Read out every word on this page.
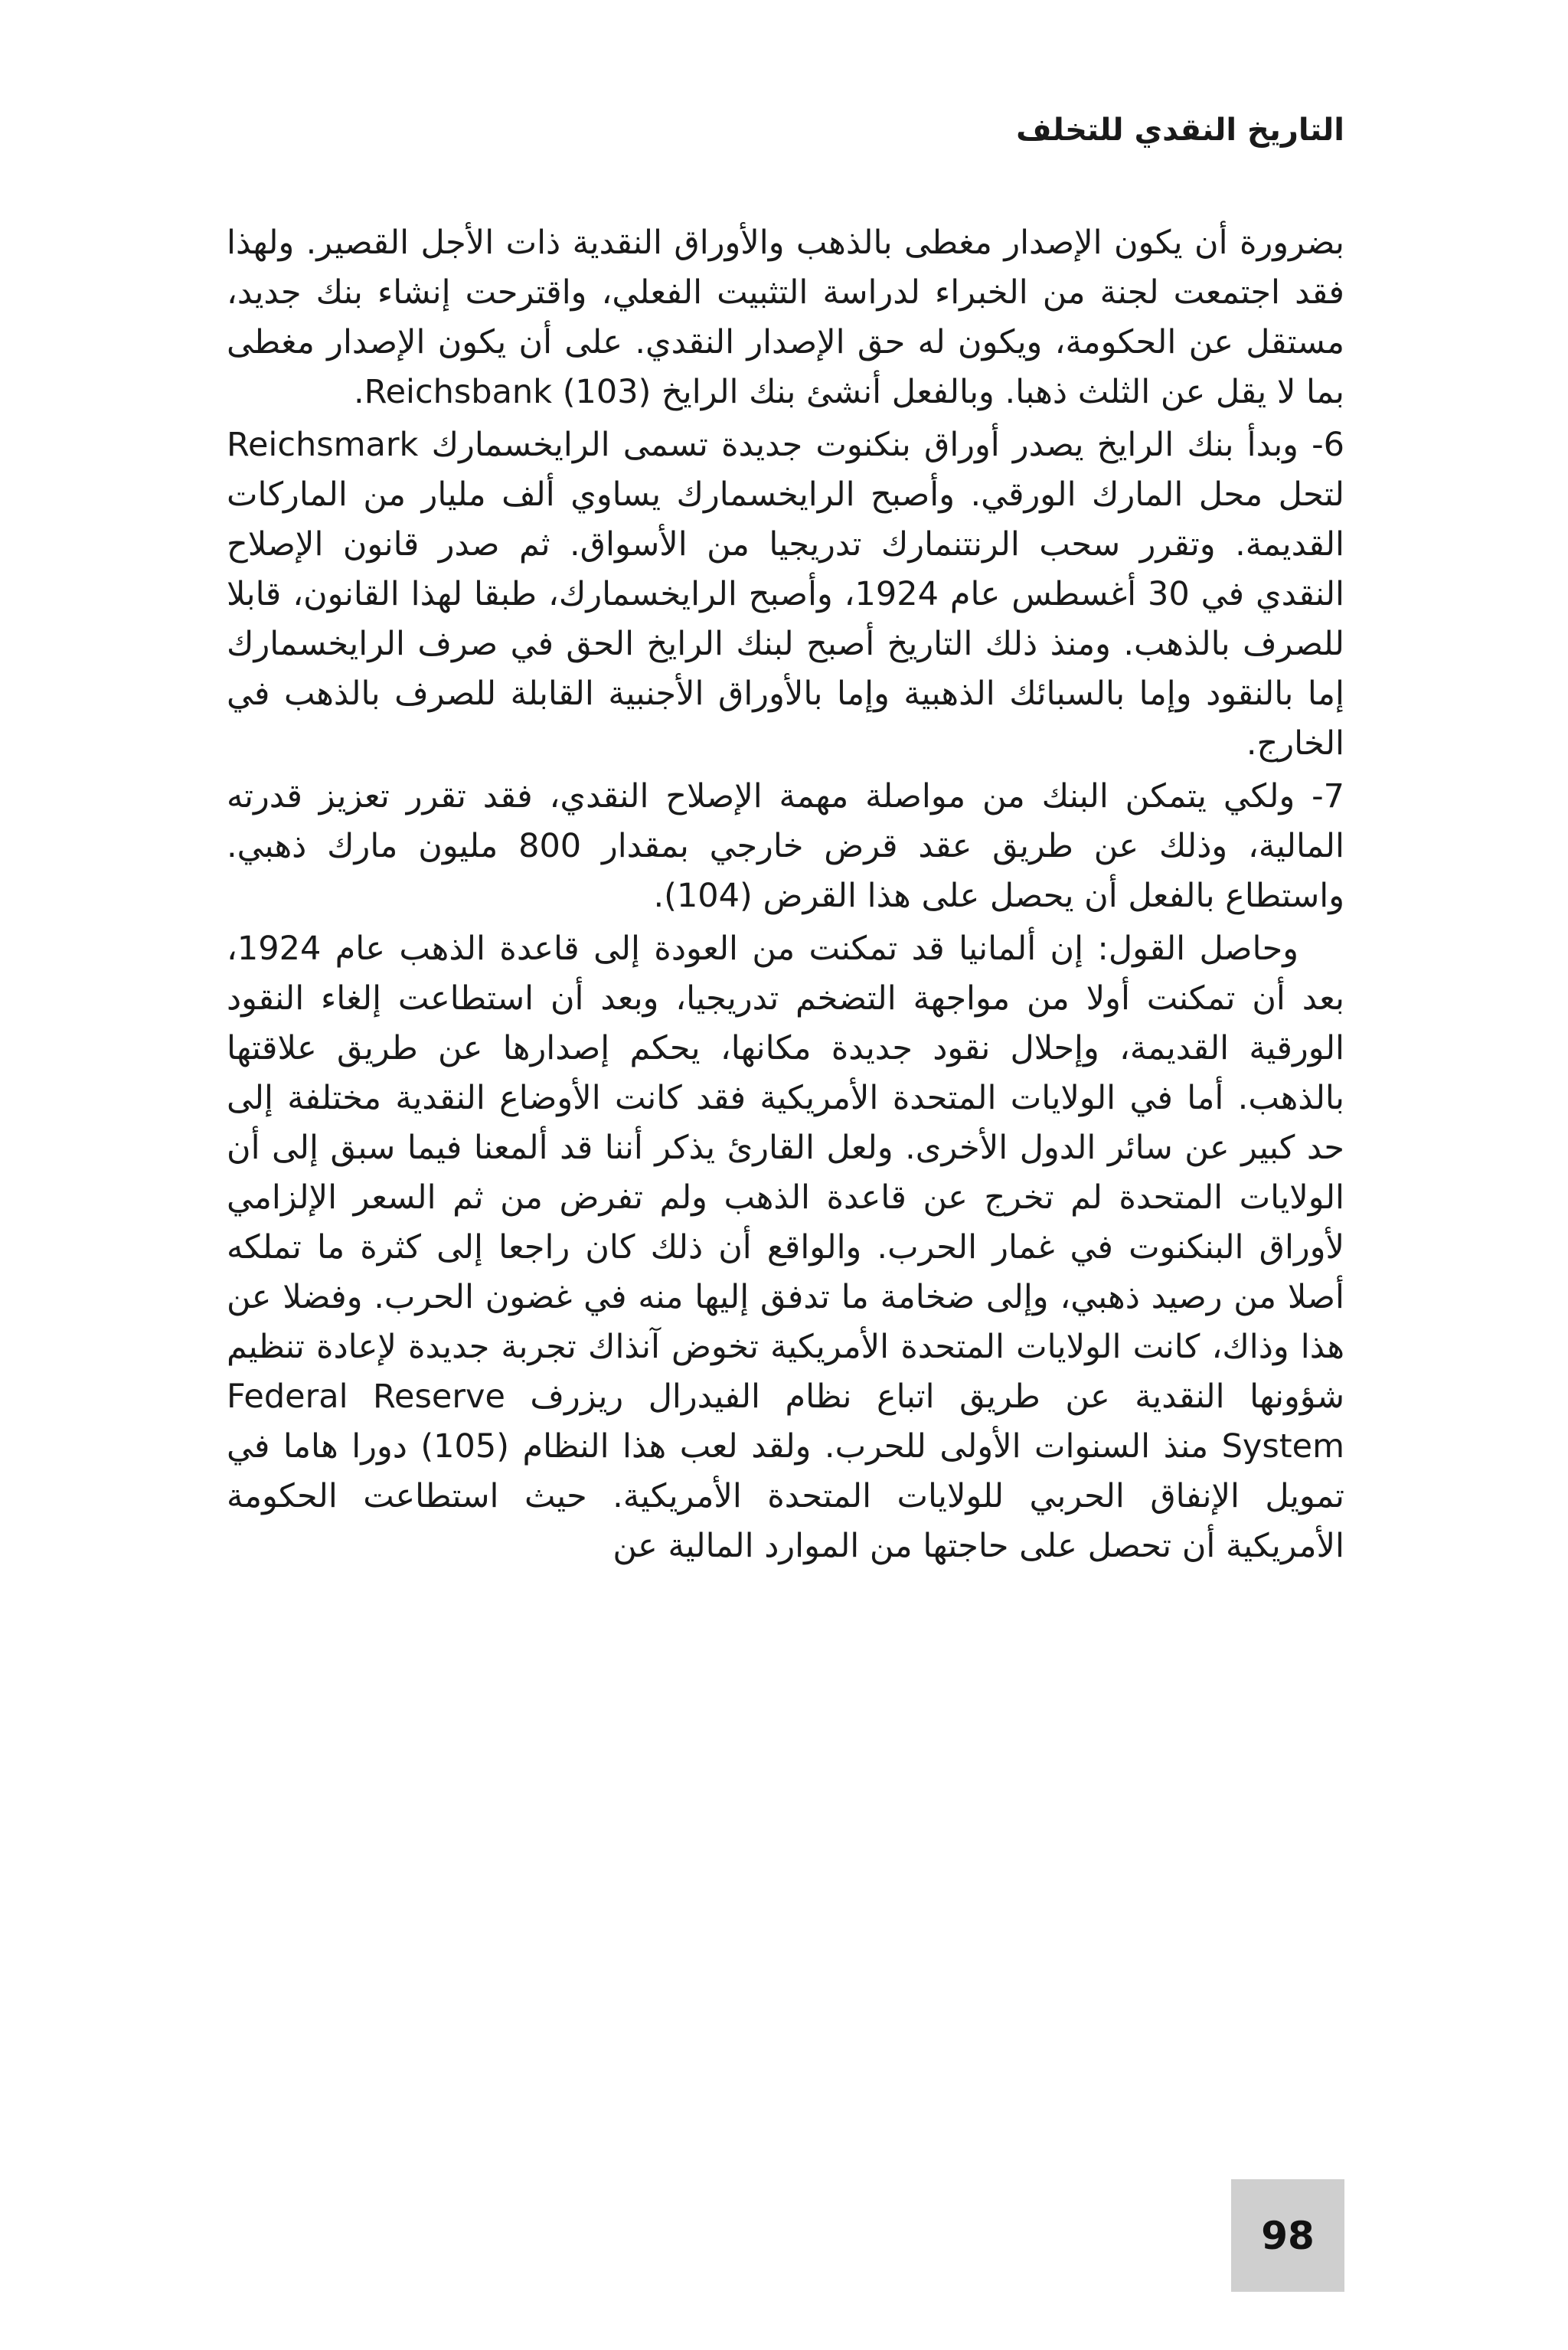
التاريخ النقدي للتخلف

بضرورة أن يكون الإصدار مغطى بالذهب والأوراق النقدية ذات الأجل القصير. ولهذا فقد اجتمعت لجنة من الخبراء لدراسة التثبيت الفعلي، واقترحت إنشاء بنك جديد، مستقل عن الحكومة، ويكون له حق الإصدار النقدي. على أن يكون الإصدار مغطى بما لا يقل عن الثلث ذهبا. وبالفعل أنشئ بنك الرايخ (103) Reichsbank.

6- وبدأ بنك الرايخ يصدر أوراق بنكنوت جديدة تسمى الرايخسمارك Reichsmark لتحل محل المارك الورقي. وأصبح الرايخسمارك يساوي ألف مليار من الماركات القديمة. وتقرر سحب الرنتنمارك تدريجيا من الأسواق. ثم صدر قانون الإصلاح النقدي في 30 أغسطس عام 1924، وأصبح الرايخسمارك، طبقا لهذا القانون، قابلا للصرف بالذهب. ومنذ ذلك التاريخ أصبح لبنك الرايخ الحق في صرف الرايخسمارك إما بالنقود وإما بالسبائك الذهبية وإما بالأوراق الأجنبية القابلة للصرف بالذهب في الخارج.

7- ولكي يتمكن البنك من مواصلة مهمة الإصلاح النقدي، فقد تقرر تعزيز قدرته المالية، وذلك عن طريق عقد قرض خارجي بمقدار 800 مليون مارك ذهبي. واستطاع بالفعل أن يحصل على هذا القرض (104).

وحاصل القول: إن ألمانيا قد تمكنت من العودة إلى قاعدة الذهب عام 1924، بعد أن تمكنت أولا من مواجهة التضخم تدريجيا، وبعد أن استطاعت إلغاء النقود الورقية القديمة، وإحلال نقود جديدة مكانها، يحكم إصدارها عن طريق علاقتها بالذهب. أما في الولايات المتحدة الأمريكية فقد كانت الأوضاع النقدية مختلفة إلى حد كبير عن سائر الدول الأخرى. ولعل القارئ يذكر أننا قد ألمعنا فيما سبق إلى أن الولايات المتحدة لم تخرج عن قاعدة الذهب ولم تفرض من ثم السعر الإلزامي لأوراق البنكنوت في غمار الحرب. والواقع أن ذلك كان راجعا إلى كثرة ما تملكه أصلا من رصيد ذهبي، وإلى ضخامة ما تدفق إليها منه في غضون الحرب. وفضلا عن هذا وذاك، كانت الولايات المتحدة الأمريكية تخوض آنذاك تجربة جديدة لإعادة تنظيم شؤونها النقدية عن طريق اتباع نظام الفيدرال ريزرف Federal Reserve System منذ السنوات الأولى للحرب. ولقد لعب هذا النظام (105) دورا هاما في تمويل الإنفاق الحربي للولايات المتحدة الأمريكية. حيث استطاعت الحكومة الأمريكية أن تحصل على حاجتها من الموارد المالية عن

98
